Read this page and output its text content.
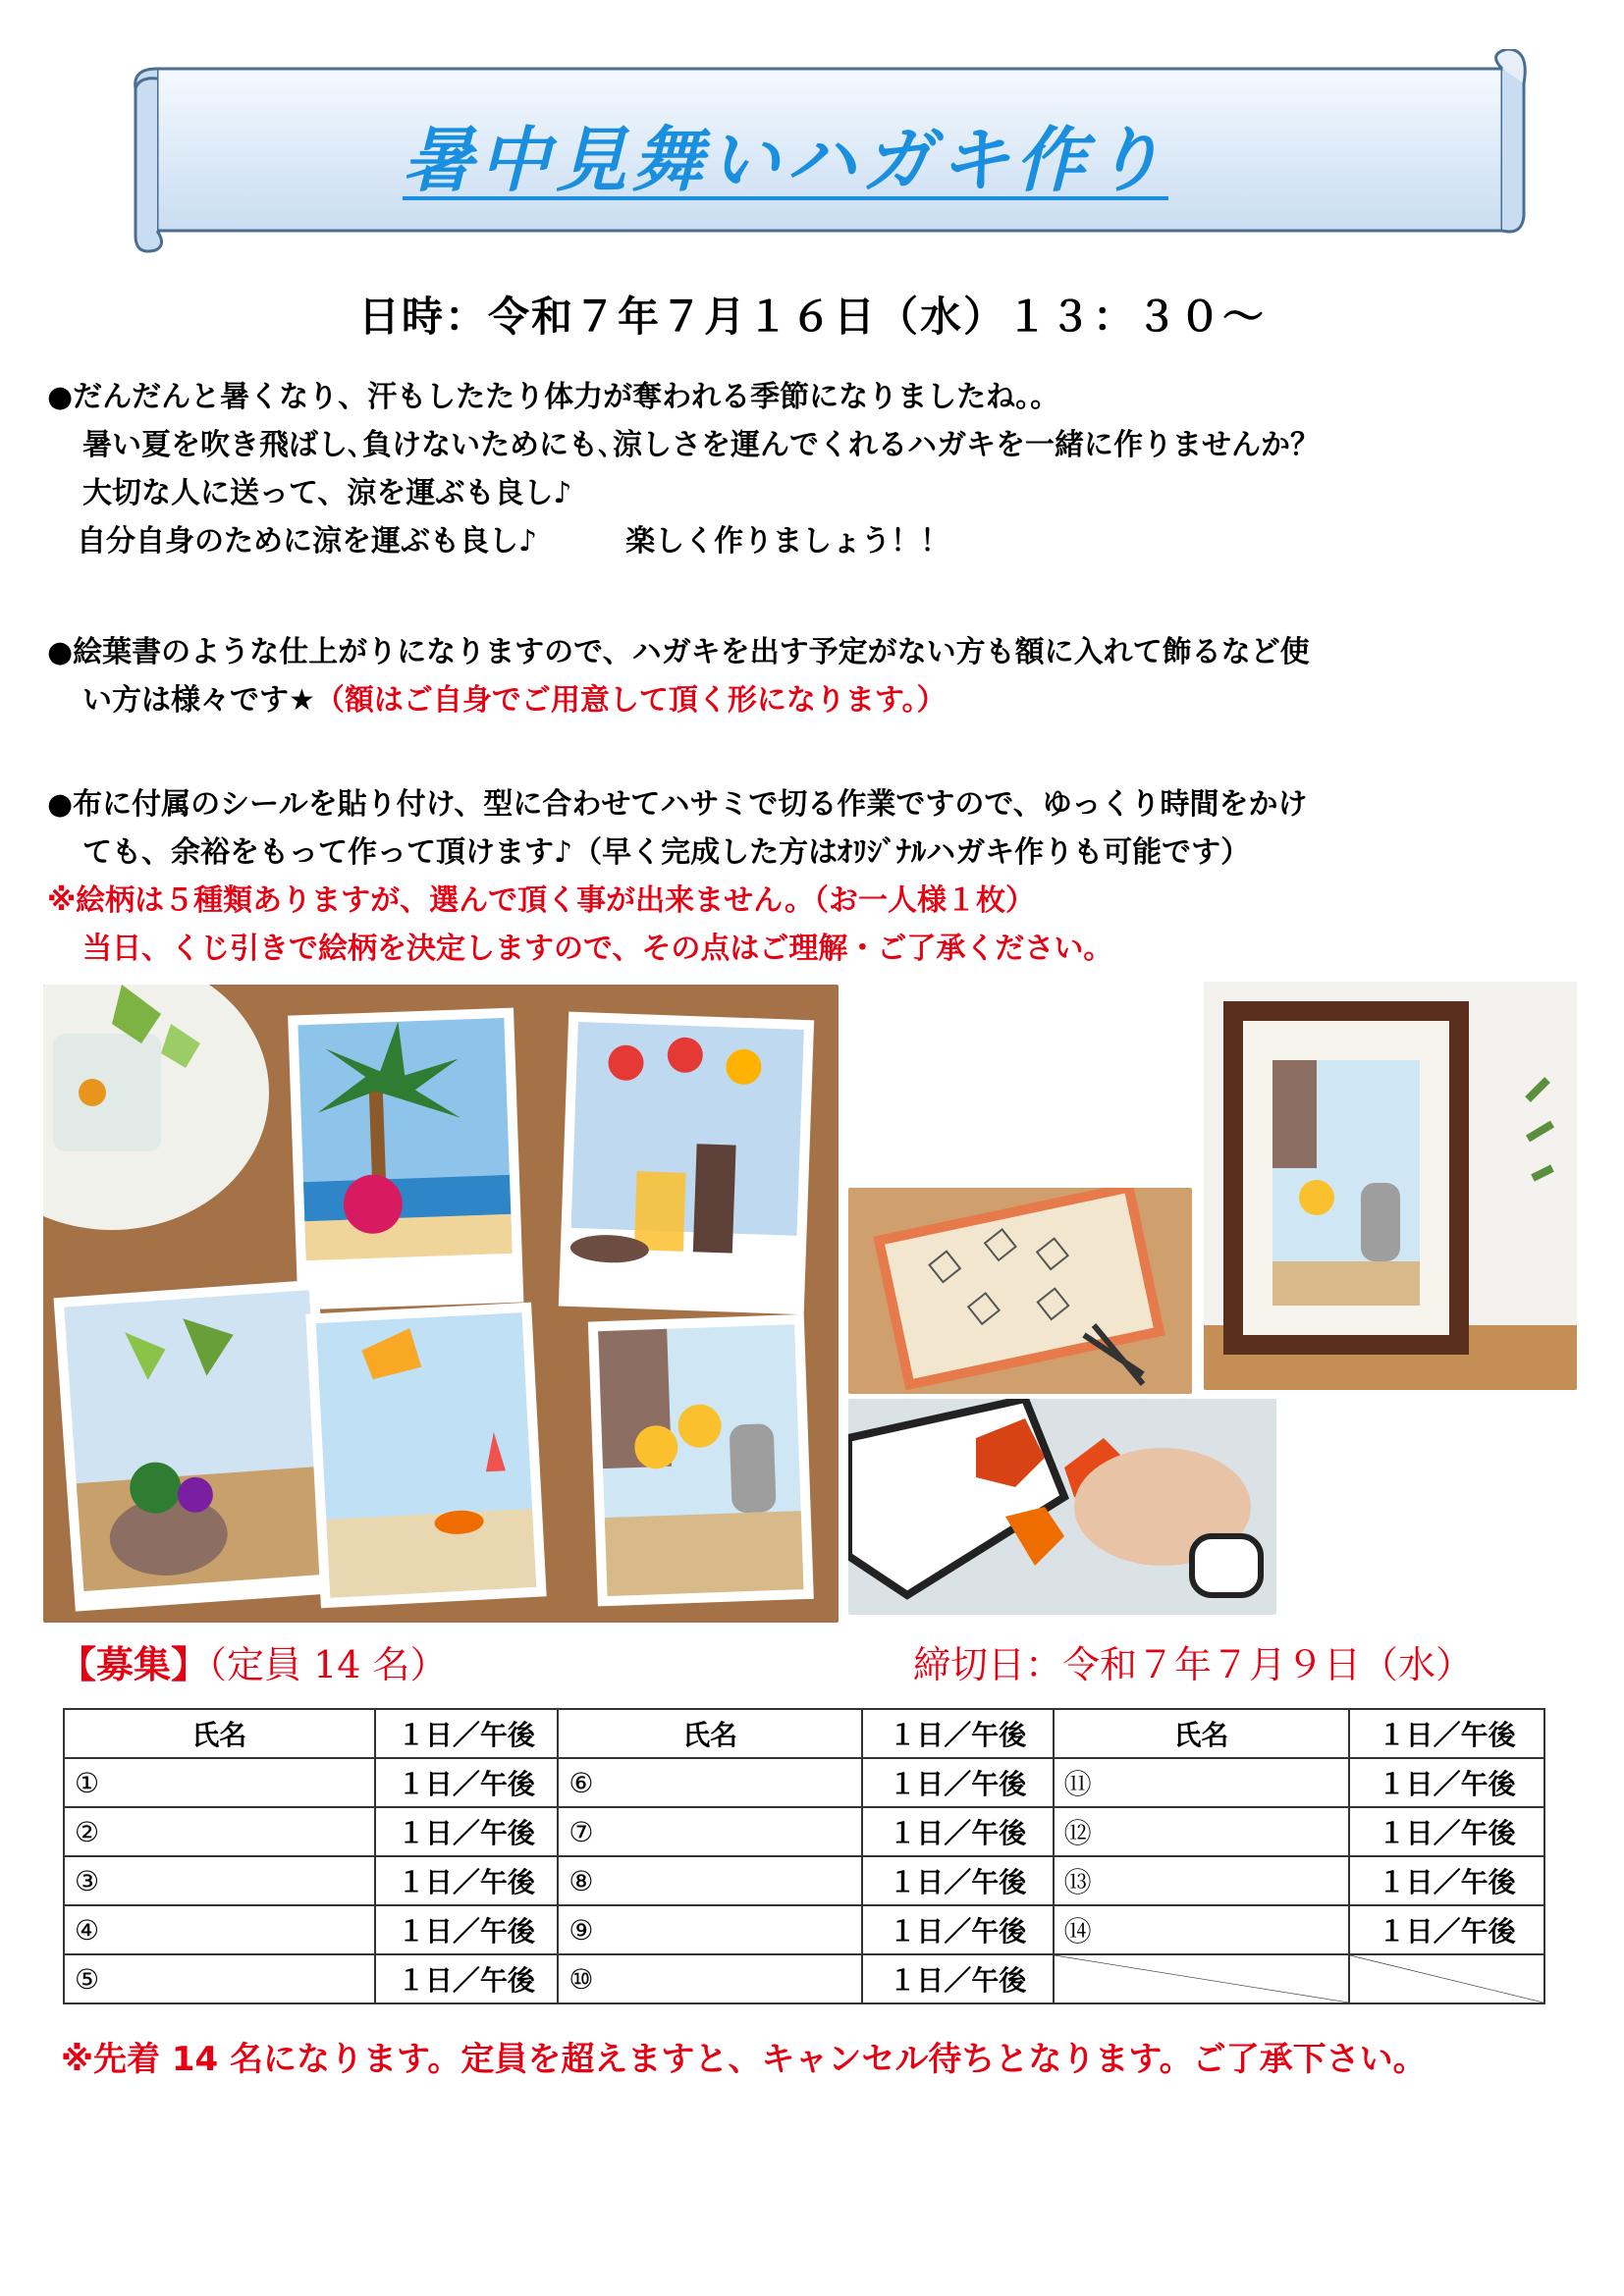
暑中見舞いハガキ作り
日時：令和７年７月１６日（水）１３：３０～
●だんだんと暑くなり、汗もしたたり体力が奪われる季節になりましたね。。
暑い夏を吹き飛ばし､負けないためにも､涼しさを運んでくれるハガキを一緒に作りませんか？
大切な人に送って、涼を運ぶも良し♪
自分自身のために涼を運ぶも良し♪　　　楽しく作りましょう！！
●絵葉書のような仕上がりになりますので、ハガキを出す予定がない方も額に入れて飾るなど使
い方は様々です★（額はご自身でご用意して頂く形になります。）
●布に付属のシールを貼り付け、型に合わせてハサミで切る作業ですので、ゆっくり時間をかけ
ても、余裕をもって作って頂けます♪（早く完成した方はｵﾘｼﾞﾅﾙハガキ作りも可能です）
※絵柄は５種類ありますが、選んで頂く事が出来ません。（お一人様１枚）
当日、くじ引きで絵柄を決定しますので、その点はご理解・ご了承ください。
【募集】（定員 14 名）	締切日：令和７年７月９日（水）
氏名	１日／午後	氏名	１日／午後	氏名	１日／午後
①	１日／午後	⑥	１日／午後	⑪	１日／午後
②	１日／午後	⑦	１日／午後	⑫	１日／午後
③	１日／午後	⑧	１日／午後	⑬	１日／午後
④	１日／午後	⑨	１日／午後	⑭	１日／午後
⑤	１日／午後	⑩	１日／午後	

※先着 14 名になります。定員を超えますと、キャンセル待ちとなります。ご了承下さい。
